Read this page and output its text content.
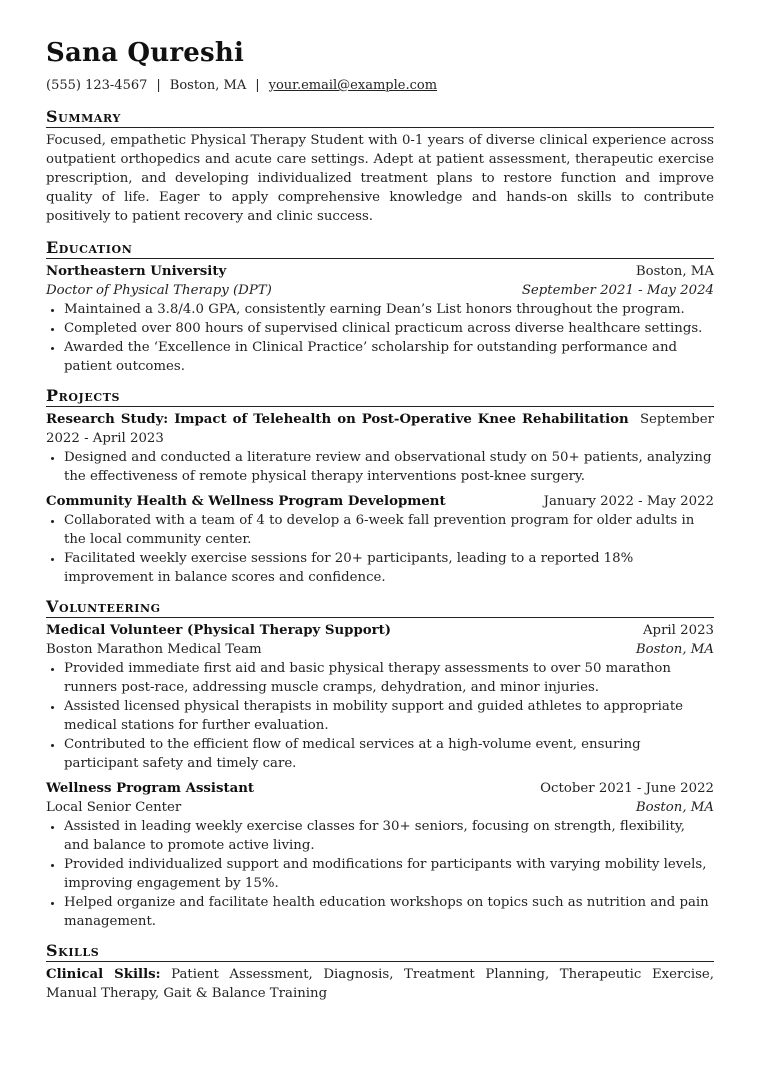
Sana Qureshi
(555) 123-4567 | Boston, MA | your.email@example.com
Summary
Focused, empathetic Physical Therapy Student with 0-1 years of diverse clinical experience across outpatient orthopedics and acute care settings. Adept at patient assessment, therapeutic exercise prescription, and developing individualized treatment plans to restore function and improve quality of life. Eager to apply comprehensive knowledge and hands-on skills to contribute positively to patient recovery and clinic success.
Education
Northeastern University	Boston, MA
Doctor of Physical Therapy (DPT)	September 2021 - May 2024
• Maintained a 3.8/4.0 GPA, consistently earning Dean’s List honors throughout the program.
• Completed over 800 hours of supervised clinical practicum across diverse healthcare settings.
• Awarded the ‘Excellence in Clinical Practice’ scholarship for outstanding performance and patient outcomes.
Projects
Research Study: Impact of Telehealth on Post-Operative Knee Rehabilitation September 2022 - April 2023
• Designed and conducted a literature review and observational study on 50+ patients, analyzing the effectiveness of remote physical therapy interventions post-knee surgery.
Community Health & Wellness Program Development	January 2022 - May 2022
• Collaborated with a team of 4 to develop a 6-week fall prevention program for older adults in the local community center.
• Facilitated weekly exercise sessions for 20+ participants, leading to a reported 18% improvement in balance scores and confidence.
Volunteering
Medical Volunteer (Physical Therapy Support)	April 2023
Boston Marathon Medical Team	Boston, MA
• Provided immediate first aid and basic physical therapy assessments to over 50 marathon runners post-race, addressing muscle cramps, dehydration, and minor injuries.
• Assisted licensed physical therapists in mobility support and guided athletes to appropriate medical stations for further evaluation.
• Contributed to the efficient flow of medical services at a high-volume event, ensuring participant safety and timely care.
Wellness Program Assistant	October 2021 - June 2022
Local Senior Center	Boston, MA
• Assisted in leading weekly exercise classes for 30+ seniors, focusing on strength, flexibility, and balance to promote active living.
• Provided individualized support and modifications for participants with varying mobility levels, improving engagement by 15%.
• Helped organize and facilitate health education workshops on topics such as nutrition and pain management.
Skills
Clinical Skills: Patient Assessment, Diagnosis, Treatment Planning, Therapeutic Exercise, Manual Therapy, Gait & Balance Training
